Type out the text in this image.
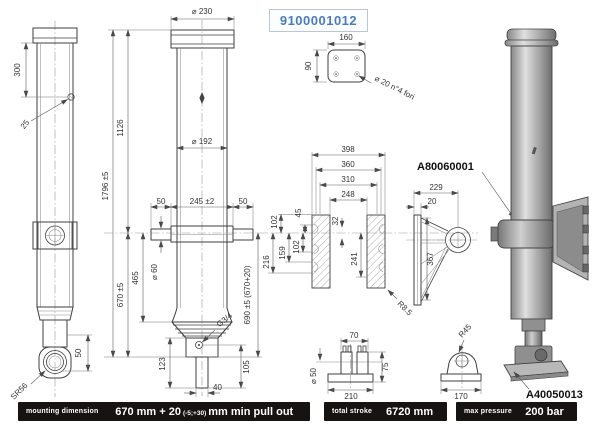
300
25
SR56
50
⌀ 230
⌀ 192
1796 ±5
1126
670 ±5
465	690 ±5 (670+20)
50	245 ±2	50
⌀ 60
G3/4
123	105
40
160
90
⌀ 20 n°4 fori
398
360
310
248
45
102
102
159
216
32
241
229
20
367
R8.5
A80060001
70
210
75
⌀ 50
R45
170	A40050013
9100001012
mounting dimension	670 mm + 20 (-5;+30) mm min pull out	total stroke	6720 mm	max pressure	200 bar
